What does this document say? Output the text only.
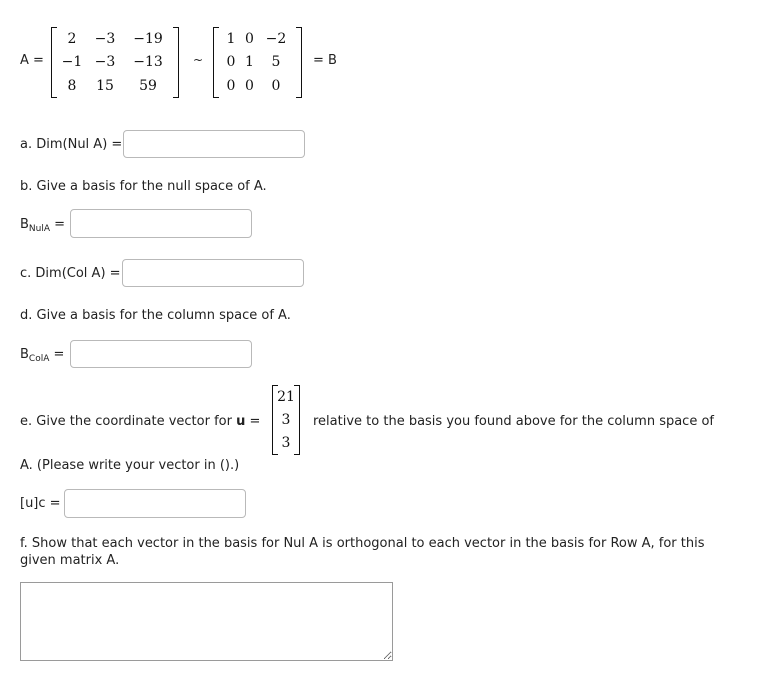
A =
2	−3	−19
−1 −3	−13
8	15	59
~
1 0 −2
0 1	5
0 0	0
= B
a. Dim(Nul A) =
b. Give a basis for the null space of A.
$B_{NulA}$ =
c. Dim(Col A) =
d. Give a basis for the column space of A.
$B_{ColA}$ =
e. Give the coordinate vector for u =
21
3
3
relative to the basis you found above for the column space of
A. (Please write your vector in ().)
[u]c =
f. Show that each vector in the basis for Nul A is orthogonal to each vector in the basis for Row A, for this
given matrix A.
